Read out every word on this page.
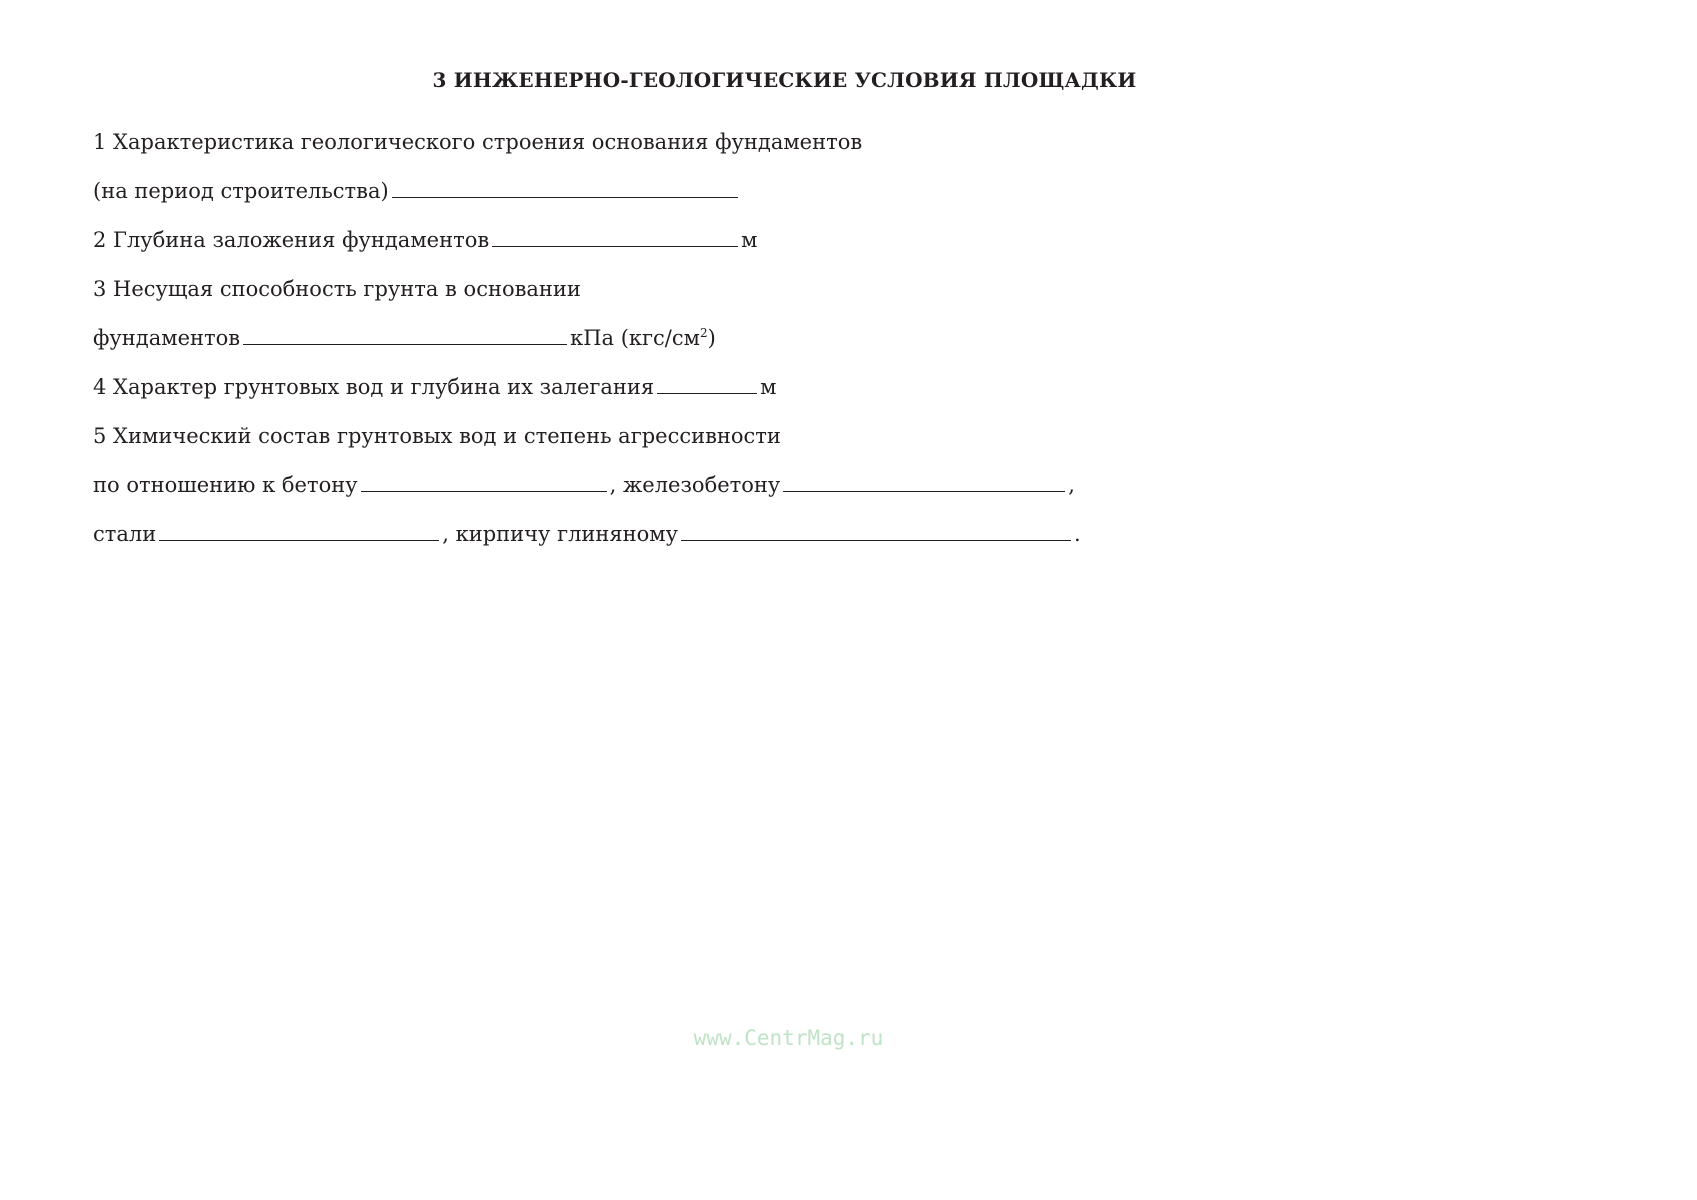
3 ИНЖЕНЕРНО-ГЕОЛОГИЧЕСКИЕ УСЛОВИЯ ПЛОЩАДКИ
1 Характеристика геологического строения основания фундаментов
(на период строительства)
2 Глубина заложения фундаментов	м
3 Несущая способность грунта в основании
фундаментов	кПа $(кгс/см^2)$
4 Характер грунтовых вод и глубина их залегания	м
5 Химический состав грунтовых вод и степень агрессивности
по отношению к бетону	, железобетону	,
стали	, кирпичу глиняному	.
www.CentrMag.ru
